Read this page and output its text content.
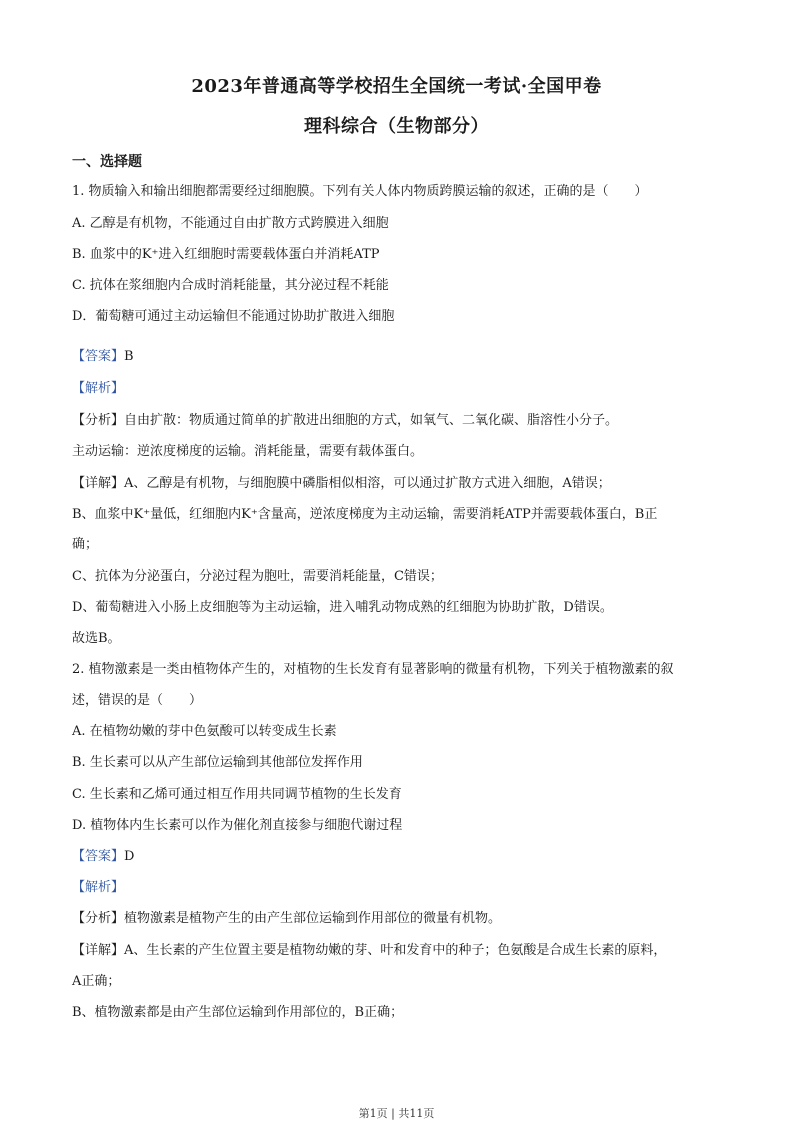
2023年普通高等学校招生全国统一考试·全国甲卷
理科综合（生物部分）
一、选择题
1. 物质输入和输出细胞都需要经过细胞膜。下列有关人体内物质跨膜运输的叙述，正确的是（　　）
A. 乙醇是有机物，不能通过自由扩散方式跨膜进入细胞
B. 血浆中的K⁺进入红细胞时需要载体蛋白并消耗ATP
C. 抗体在浆细胞内合成时消耗能量，其分泌过程不耗能
D．葡萄糖可通过主动运输但不能通过协助扩散进入细胞
【答案】B
【解析】
【分析】自由扩散：物质通过简单的扩散进出细胞的方式，如氧气、二氧化碳、脂溶性小分子。
主动运输：逆浓度梯度的运输。消耗能量，需要有载体蛋白。
【详解】A、乙醇是有机物，与细胞膜中磷脂相似相溶，可以通过扩散方式进入细胞，A错误；
B、血浆中K⁺量低，红细胞内K⁺含量高，逆浓度梯度为主动运输，需要消耗ATP并需要载体蛋白，B正
确；
C、抗体为分泌蛋白，分泌过程为胞吐，需要消耗能量，C错误；
D、葡萄糖进入小肠上皮细胞等为主动运输，进入哺乳动物成熟的红细胞为协助扩散，D错误。
故选B。
2. 植物激素是一类由植物体产生的，对植物的生长发育有显著影响的微量有机物，下列关于植物激素的叙
述，错误的是（　　）
A. 在植物幼嫩的芽中色氨酸可以转变成生长素
B. 生长素可以从产生部位运输到其他部位发挥作用
C. 生长素和乙烯可通过相互作用共同调节植物的生长发育
D. 植物体内生长素可以作为催化剂直接参与细胞代谢过程
【答案】D
【解析】
【分析】植物激素是植物产生的由产生部位运输到作用部位的微量有机物。
【详解】A、生长素的产生位置主要是植物幼嫩的芽、叶和发育中的种子；色氨酸是合成生长素的原料，
A正确；
B、植物激素都是由产生部位运输到作用部位的，B正确；
第1页 | 共11页
